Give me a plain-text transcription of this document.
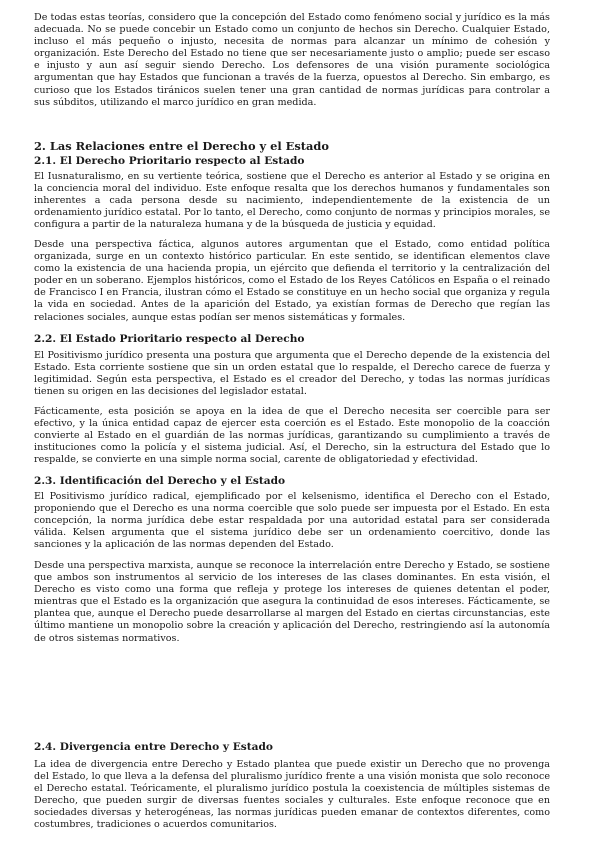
De todas estas teorías, considero que la concepción del Estado como fenómeno social y jurídico es la más adecuada. No se puede concebir un Estado como un conjunto de hechos sin Derecho. Cualquier Estado, incluso el más pequeño o injusto, necesita de normas para alcanzar un mínimo de cohesión y organización. Este Derecho del Estado no tiene que ser necesariamente justo o amplio; puede ser escaso e injusto y aun así seguir siendo Derecho. Los defensores de una visión puramente sociológica argumentan que hay Estados que funcionan a través de la fuerza, opuestos al Derecho. Sin embargo, es curioso que los Estados tiránicos suelen tener una gran cantidad de normas jurídicas para controlar a sus súbditos, utilizando el marco jurídico en gran medida.

2. Las Relaciones entre el Derecho y el Estado
2.1. El Derecho Prioritario respecto al Estado

El Iusnaturalismo, en su vertiente teórica, sostiene que el Derecho es anterior al Estado y se origina en la conciencia moral del individuo. Este enfoque resalta que los derechos humanos y fundamentales son inherentes a cada persona desde su nacimiento, independientemente de la existencia de un ordenamiento jurídico estatal. Por lo tanto, el Derecho, como conjunto de normas y principios morales, se configura a partir de la naturaleza humana y de la búsqueda de justicia y equidad.

Desde una perspectiva fáctica, algunos autores argumentan que el Estado, como entidad política organizada, surge en un contexto histórico particular. En este sentido, se identifican elementos clave como la existencia de una hacienda propia, un ejército que defienda el territorio y la centralización del poder en un soberano. Ejemplos históricos, como el Estado de los Reyes Católicos en España o el reinado de Francisco I en Francia, ilustran cómo el Estado se constituye en un hecho social que organiza y regula la vida en sociedad. Antes de la aparición del Estado, ya existían formas de Derecho que regían las relaciones sociales, aunque estas podían ser menos sistemáticas y formales.

2.2. El Estado Prioritario respecto al Derecho

El Positivismo jurídico presenta una postura que argumenta que el Derecho depende de la existencia del Estado. Esta corriente sostiene que sin un orden estatal que lo respalde, el Derecho carece de fuerza y legitimidad. Según esta perspectiva, el Estado es el creador del Derecho, y todas las normas jurídicas tienen su origen en las decisiones del legislador estatal.

Fácticamente, esta posición se apoya en la idea de que el Derecho necesita ser coercible para ser efectivo, y la única entidad capaz de ejercer esta coerción es el Estado. Este monopolio de la coacción convierte al Estado en el guardián de las normas jurídicas, garantizando su cumplimiento a través de instituciones como la policía y el sistema judicial. Así, el Derecho, sin la estructura del Estado que lo respalde, se convierte en una simple norma social, carente de obligatoriedad y efectividad.

2.3. Identificación del Derecho y el Estado

El Positivismo jurídico radical, ejemplificado por el kelsenismo, identifica el Derecho con el Estado, proponiendo que el Derecho es una norma coercible que solo puede ser impuesta por el Estado. En esta concepción, la norma jurídica debe estar respaldada por una autoridad estatal para ser considerada válida. Kelsen argumenta que el sistema jurídico debe ser un ordenamiento coercitivo, donde las sanciones y la aplicación de las normas dependen del Estado.

Desde una perspectiva marxista, aunque se reconoce la interrelación entre Derecho y Estado, se sostiene que ambos son instrumentos al servicio de los intereses de las clases dominantes. En esta visión, el Derecho es visto como una forma que refleja y protege los intereses de quienes detentan el poder, mientras que el Estado es la organización que asegura la continuidad de esos intereses. Fácticamente, se plantea que, aunque el Derecho puede desarrollarse al margen del Estado en ciertas circunstancias, este último mantiene un monopolio sobre la creación y aplicación del Derecho, restringiendo así la autonomía de otros sistemas normativos.

2.4. Divergencia entre Derecho y Estado

La idea de divergencia entre Derecho y Estado plantea que puede existir un Derecho que no provenga del Estado, lo que lleva a la defensa del pluralismo jurídico frente a una visión monista que solo reconoce el Derecho estatal. Teóricamente, el pluralismo jurídico postula la coexistencia de múltiples sistemas de Derecho, que pueden surgir de diversas fuentes sociales y culturales. Este enfoque reconoce que en sociedades diversas y heterogéneas, las normas jurídicas pueden emanar de contextos diferentes, como costumbres, tradiciones o acuerdos comunitarios.
